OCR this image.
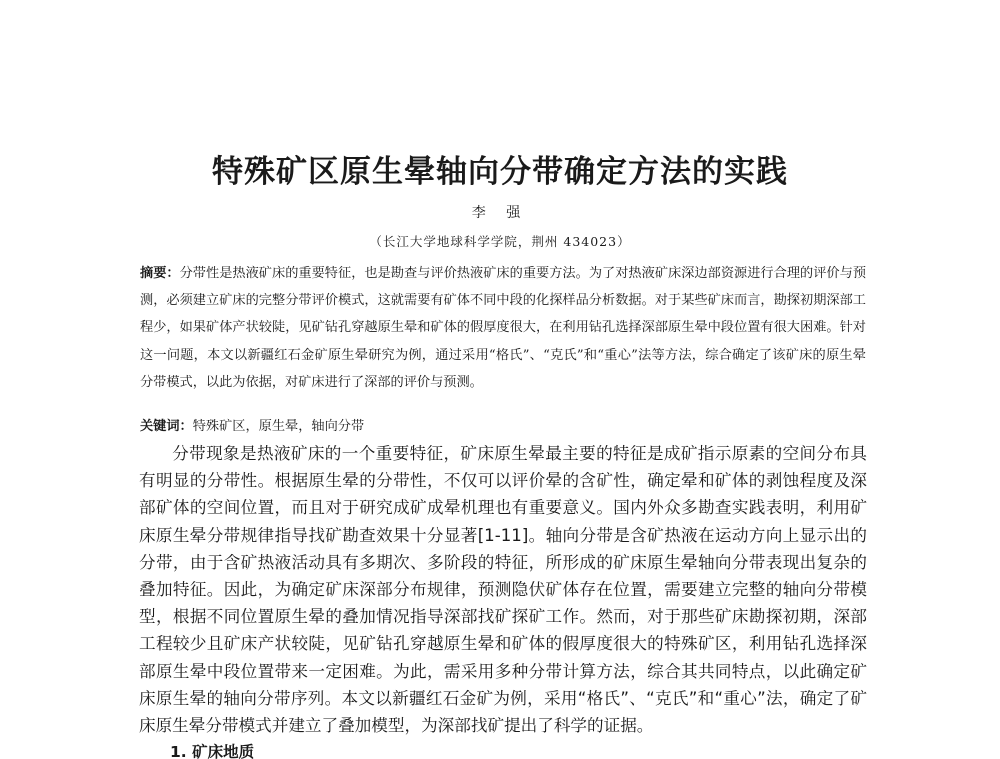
特殊矿区原生晕轴向分带确定方法的实践
李 强
（长江大学地球科学学院，荆州 434023）

摘要：分带性是热液矿床的重要特征，也是勘查与评价热液矿床的重要方法。为了对热液矿床深边部资源进行合理的评价与预测，必须建立矿床的完整分带评价模式，这就需要有矿体不同中段的化探样品分析数据。对于某些矿床而言，勘探初期深部工程少，如果矿体产状较陡，见矿钻孔穿越原生晕和矿体的假厚度很大，在利用钻孔选择深部原生晕中段位置有很大困难。针对这一问题，本文以新疆红石金矿原生晕研究为例，通过采用“格氏”、“克氏”和“重心”法等方法，综合确定了该矿床的原生晕分带模式，以此为依据，对矿床进行了深部的评价与预测。

关键词：特殊矿区，原生晕，轴向分带

分带现象是热液矿床的一个重要特征，矿床原生晕最主要的特征是成矿指示原素的空间分布具有明显的分带性。根据原生晕的分带性，不仅可以评价晕的含矿性，确定晕和矿体的剥蚀程度及深部矿体的空间位置，而且对于研究成矿成晕机理也有重要意义。国内外众多勘查实践表明，利用矿床原生晕分带规律指导找矿勘查效果十分显著[1-11]。轴向分带是含矿热液在运动方向上显示出的分带，由于含矿热液活动具有多期次、多阶段的特征，所形成的矿床原生晕轴向分带表现出复杂的叠加特征。因此，为确定矿床深部分布规律，预测隐伏矿体存在位置，需要建立完整的轴向分带模型，根据不同位置原生晕的叠加情况指导深部找矿探矿工作。然而，对于那些矿床勘探初期，深部工程较少且矿床产状较陡，见矿钻孔穿越原生晕和矿体的假厚度很大的特殊矿区，利用钻孔选择深部原生晕中段位置带来一定困难。为此，需采用多种分带计算方法，综合其共同特点，以此确定矿床原生晕的轴向分带序列。本文以新疆红石金矿为例，采用“格氏”、“克氏”和“重心”法，确定了矿床原生晕分带模式并建立了叠加模型，为深部找矿提出了科学的证据。

1. 矿床地质
